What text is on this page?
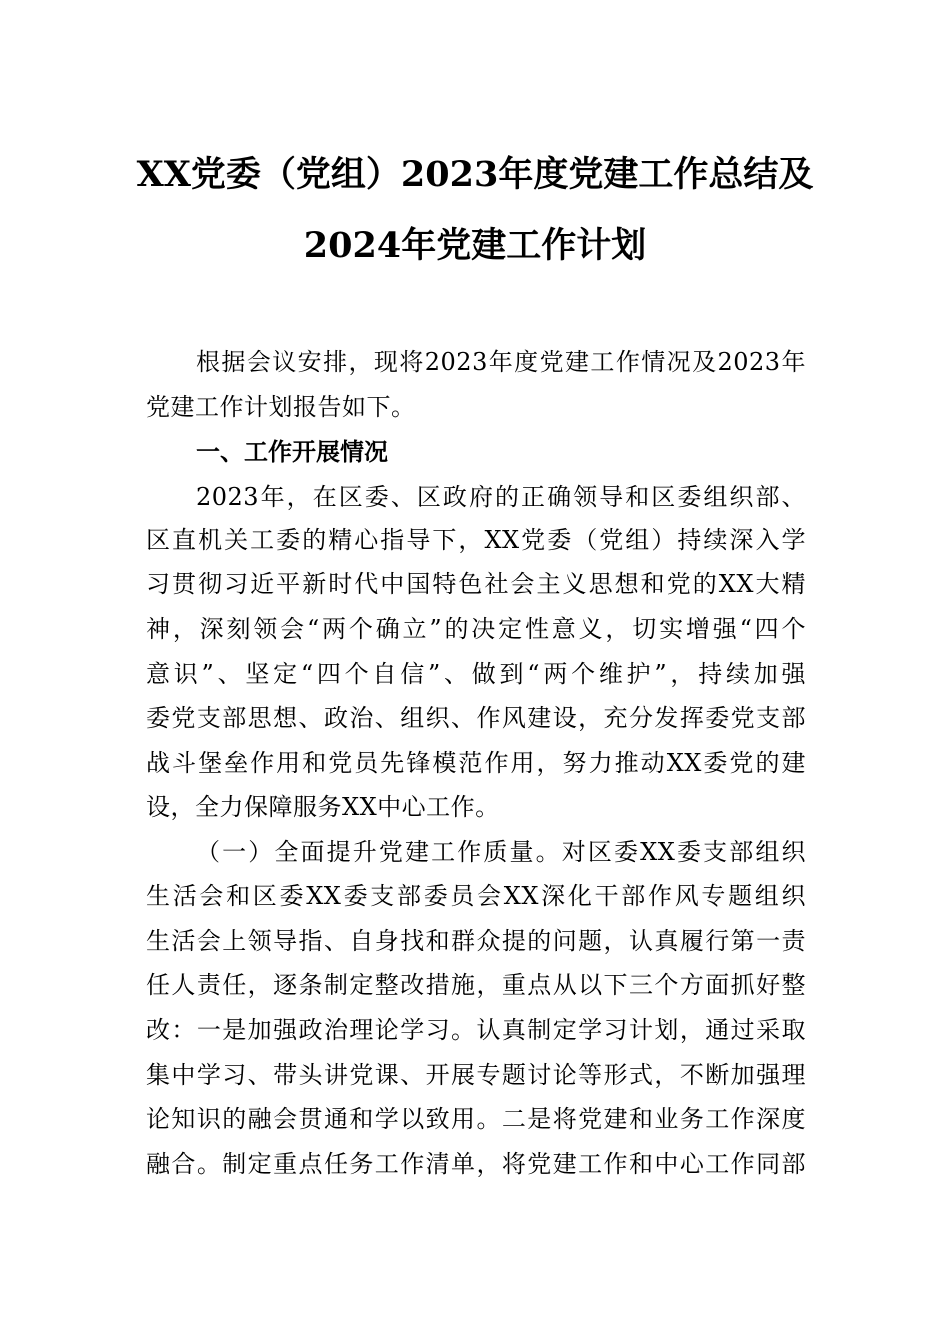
XX党委（党组）2023年度党建工作总结及
2024年党建工作计划
根据会议安排，现将2023年度党建工作情况及2023年
党建工作计划报告如下。
一、工作开展情况
2023年，在区委、区政府的正确领导和区委组织部、
区直机关工委的精心指导下，XX党委（党组）持续深入学
习贯彻习近平新时代中国特色社会主义思想和党的XX大精
神，深刻领会“两个确立”的决定性意义，切实增强“四个
意识”、坚定“四个自信”、做到“两个维护”，持续加强
委党支部思想、政治、组织、作风建设，充分发挥委党支部
战斗堡垒作用和党员先锋模范作用，努力推动XX委党的建
设，全力保障服务XX中心工作。
（一）全面提升党建工作质量。对区委XX委支部组织
生活会和区委XX委支部委员会XX深化干部作风专题组织
生活会上领导指、自身找和群众提的问题，认真履行第一责
任人责任，逐条制定整改措施，重点从以下三个方面抓好整
改：一是加强政治理论学习。认真制定学习计划，通过采取
集中学习、带头讲党课、开展专题讨论等形式，不断加强理
论知识的融会贯通和学以致用。二是将党建和业务工作深度
融合。制定重点任务工作清单，将党建工作和中心工作同部
